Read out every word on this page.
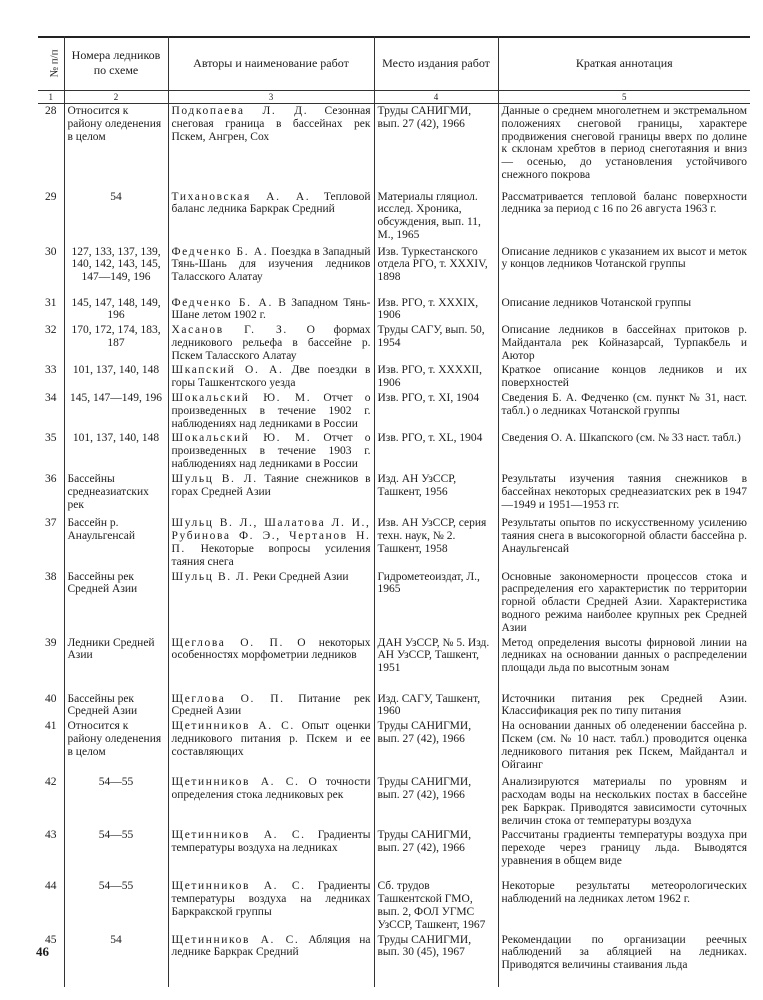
№ п/п	Номера ледников по схеме	Авторы и наименование работ	Место издания работ	Краткая аннотация
1	2	3	4	5
28	Относится к району оледенения в целом	Подкопаева Л. Д. Сезонная снеговая граница в бассейнах рек Пскем, Ангрен, Сох	Труды САНИГМИ, вып. 27 (42), 1966	Данные о среднем многолетнем и экстремальном положениях снеговой границы, характере продвижения снеговой границы вверх по долине к склонам хребтов в период снеготаяния и вниз — осенью, до установления устойчивого снежного покрова
29	54	Тихановская А. А. Тепловой баланс ледника Баркрак Средний	Материалы гляциол. исслед. Хроника, обсуждения, вып. 11, М., 1965	Рассматривается тепловой баланс поверхности ледника за период с 16 по 26 августа 1963 г.
30	127, 133, 137, 139, 140, 142, 143, 145, 147—149, 196	Федченко Б. А. Поездка в Западный Тянь-Шань для изучения ледников Таласского Алатау	Изв. Туркестанского отдела РГО, т. XXXIV, 1898	Описание ледников с указанием их высот и меток у концов ледников Чотанской группы
31	145, 147, 148, 149, 196	Федченко Б. А. В Западном Тянь-Шане летом 1902 г.	Изв. РГО, т. XXXIX, 1906	Описание ледников Чотанской группы
32	170, 172, 174, 183, 187	Хасанов Г. З. О формах ледникового рельефа в бассейне р. Пскем Таласского Алатау	Труды САГУ, вып. 50, 1954	Описание ледников в бассейнах притоков р. Майдантала рек Койназарсай, Турпакбель и Аютор
33	101, 137, 140, 148	Шкапский О. А. Две поездки в горы Ташкентского уезда	Изв. РГО, т. XXXXII, 1906	Краткое описание концов ледников и их поверхностей
34	145, 147—149, 196	Шокальский Ю. М. Отчет о произведенных в течение 1902 г. наблюдениях над ледниками в России	Изв. РГО, т. XI, 1904	Сведения Б. А. Федченко (см. пункт № 31, наст. табл.) о ледниках Чотанской группы
35	101, 137, 140, 148	Шокальский Ю. М. Отчет о произведенных в течение 1903 г. наблюдениях над ледниками в России	Изв. РГО, т. XL, 1904	Сведения О. А. Шкапского (см. № 33 наст. табл.)
36	Бассейны среднеазиатских рек	Шульц В. Л. Таяние снежников в горах Средней Азии	Изд. АН УзССР, Ташкент, 1956	Результаты изучения таяния снежников в бассейнах некоторых среднеазиатских рек в 1947—1949 и 1951—1953 гг.
37	Бассейн р. Анаульгенсай	Шульц В. Л., Шалатова Л. И., Рубинова Ф. Э., Чертанов Н. П. Некоторые вопросы усиления таяния снега	Изв. АН УзССР, серия техн. наук, № 2. Ташкент, 1958	Результаты опытов по искусственному усилению таяния снега в высокогорной области бассейна р. Анаульгенсай
38	Бассейны рек Средней Азии	Шульц В. Л. Реки Средней Азии	Гидрометеоиздат, Л., 1965	Основные закономерности процессов стока и распределения его характеристик по территории горной области Средней Азии. Характеристика водного режима наиболее крупных рек Средней Азии
39	Ледники Средней Азии	Щеглова О. П. О некоторых особенностях морфометрии ледников	ДАН УзССР, № 5. Изд. АН УзССР, Ташкент, 1951	Метод определения высоты фирновой линии на ледниках на основании данных о распределении площади льда по высотным зонам
40	Бассейны рек Средней Азии	Щеглова О. П. Питание рек Средней Азии	Изд. САГУ, Ташкент, 1960	Источники питания рек Средней Азии. Классификация рек по типу питания
41	Относится к району оледенения в целом	Щетинников А. С. Опыт оценки ледникового питания р. Пскем и ее составляющих	Труды САНИГМИ, вып. 27 (42), 1966	На основании данных об оледенении бассейна р. Пскем (см. № 10 наст. табл.) проводится оценка ледникового питания рек Пскем, Майдантал и Ойгаинг
42	54—55	Щетинников А. С. О точности определения стока ледниковых рек	Труды САНИГМИ, вып. 27 (42), 1966	Анализируются материалы по уровням и расходам воды на нескольких постах в бассейне рек Баркрак. Приводятся зависимости суточных величин стока от температуры воздуха
43	54—55	Щетинников А. С. Градиенты температуры воздуха на ледниках	Труды САНИГМИ, вып. 27 (42), 1966	Рассчитаны градиенты температуры воздуха при переходе через границу льда. Выводятся уравнения в общем виде
44	54—55	Щетинников А. С. Градиенты температуры воздуха на ледниках Баркракской группы	Сб. трудов Ташкентской ГМО, вып. 2, ФОЛ УГМС УзССР, Ташкент, 1967	Некоторые результаты метеорологических наблюдений на ледниках летом 1962 г.
45	54	Щетинников А. С. Абляция на леднике Баркрак Средний	Труды САНИГМИ, вып. 30 (45), 1967	Рекомендации по организации реечных наблюдений за абляцией на ледниках. Приводятся величины стаивания льда
46
